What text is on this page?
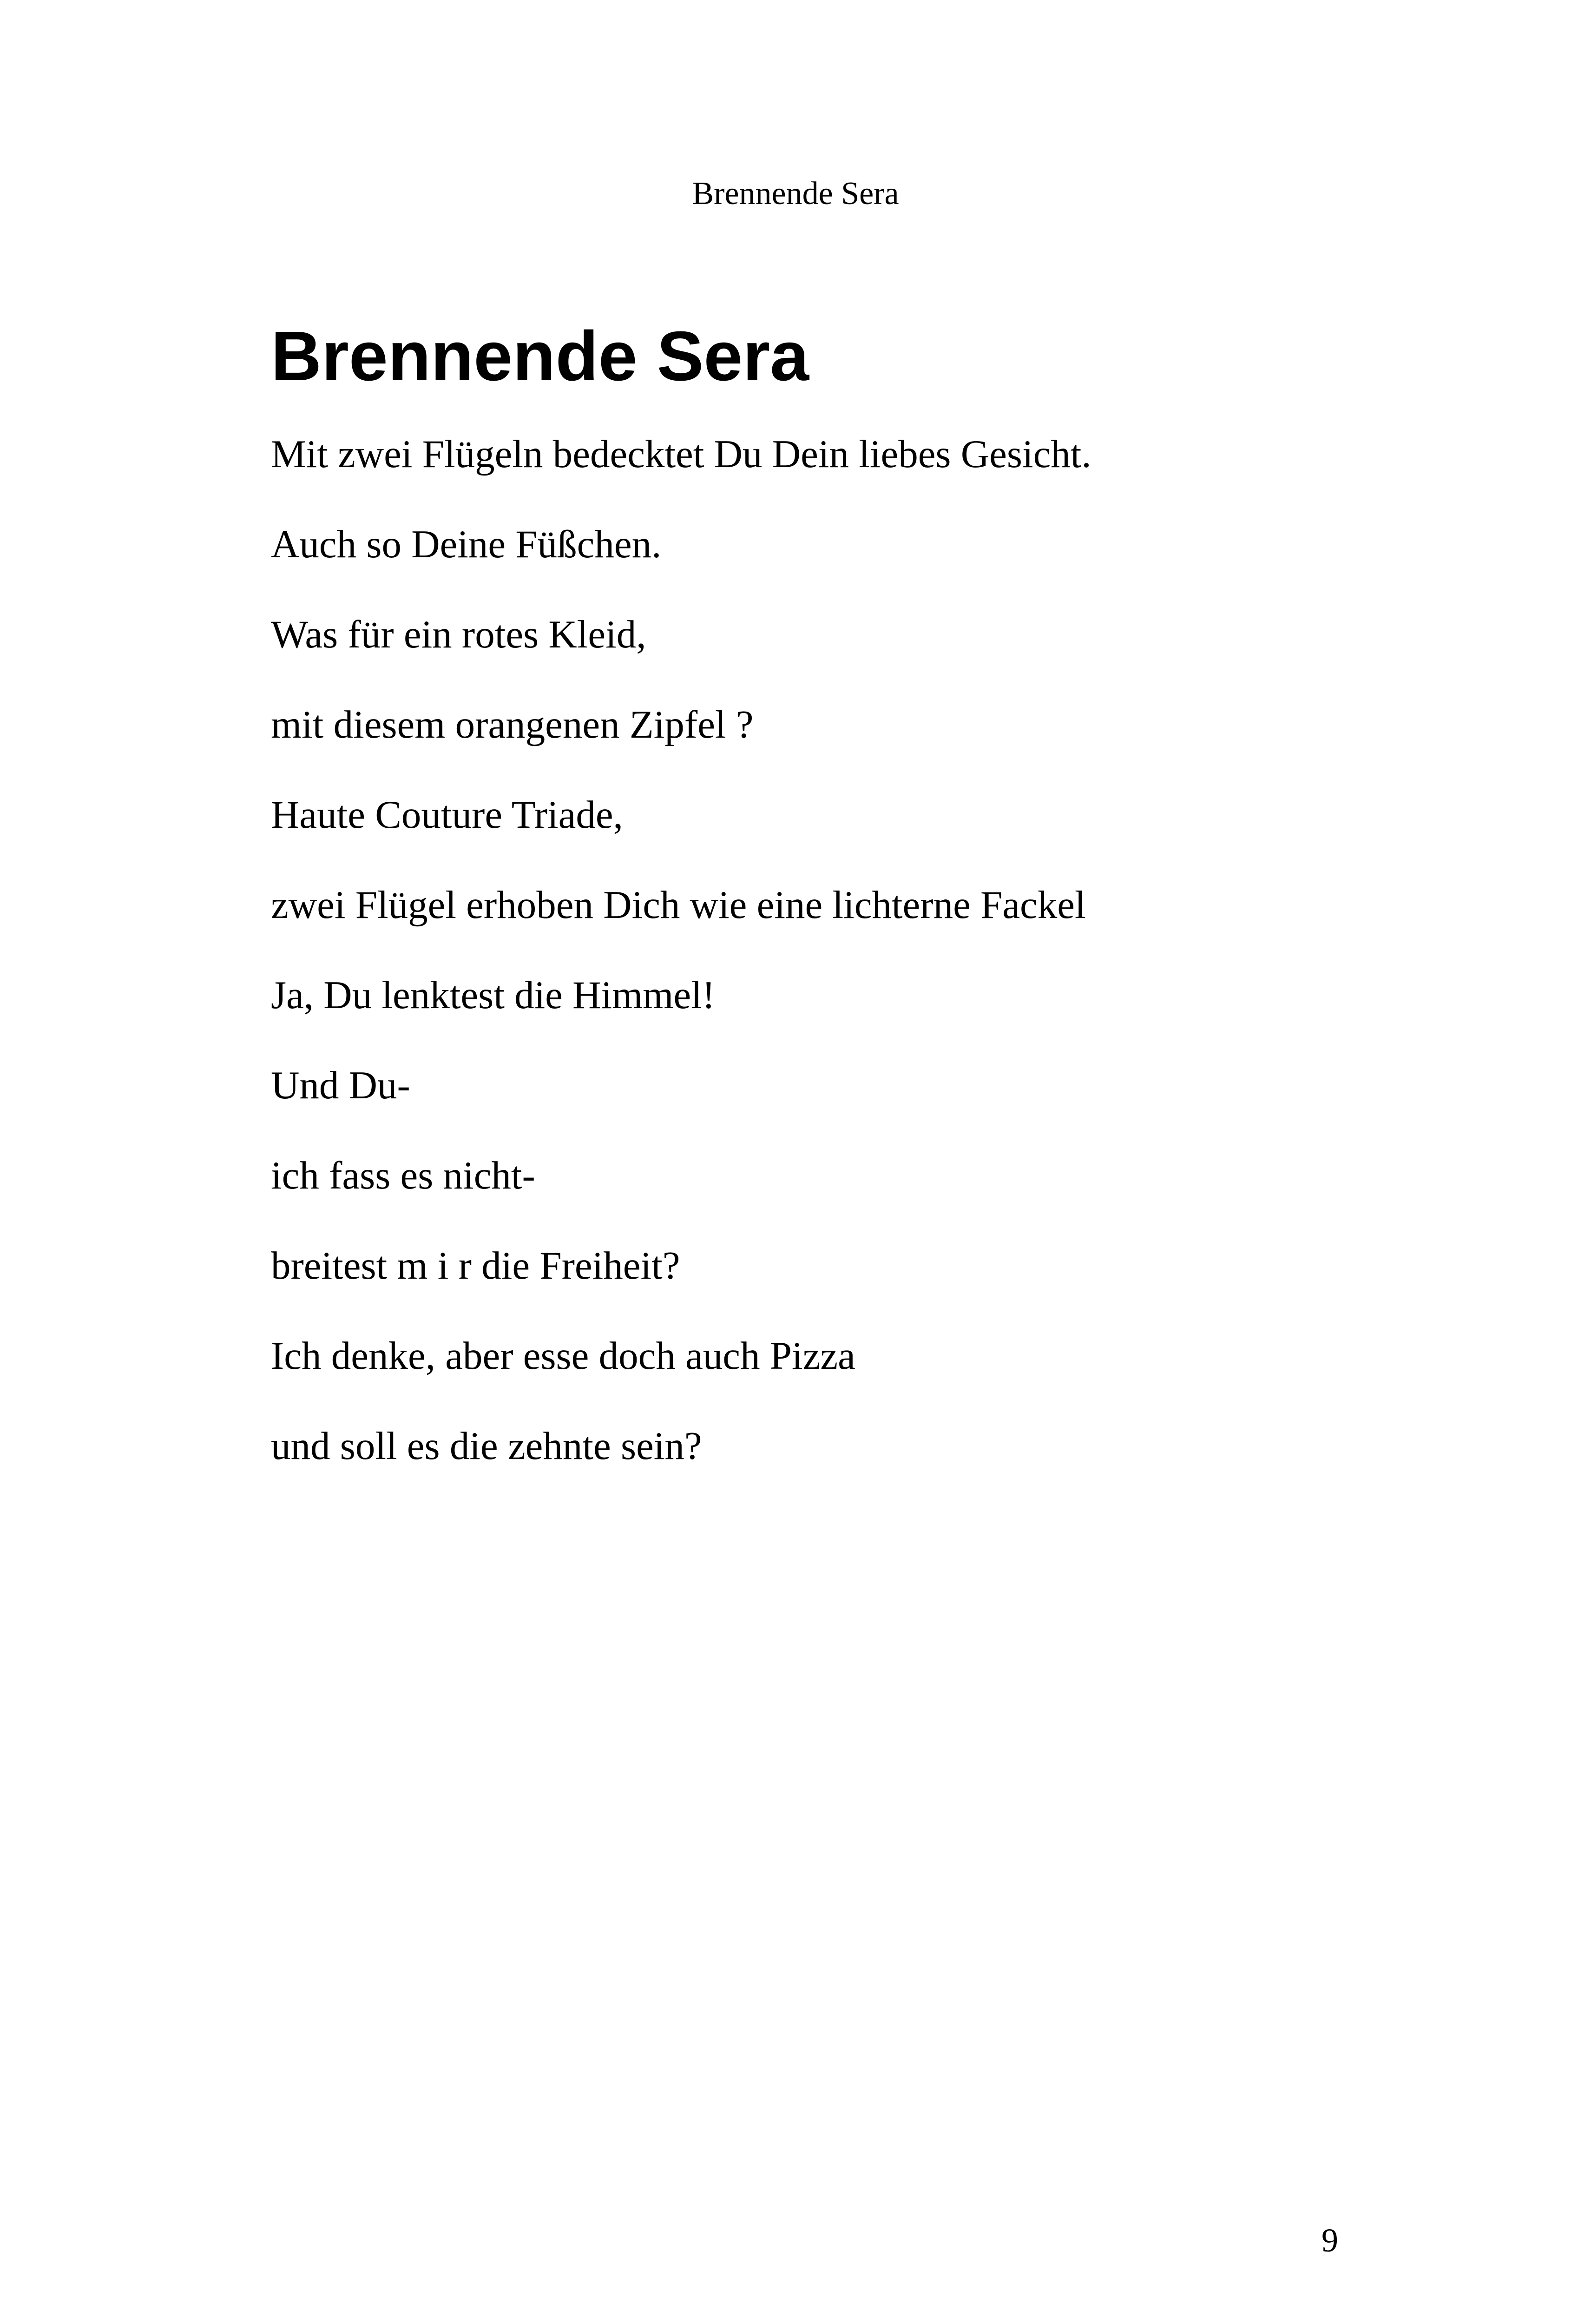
Brennende Sera
Brennende Sera
Mit zwei Flügeln bedecktet Du Dein liebes Gesicht.
Auch so Deine Füßchen.
Was für ein rotes Kleid,
mit diesem orangenen Zipfel ?
Haute Couture Triade,
zwei Flügel erhoben Dich wie eine lichterne Fackel
Ja, Du lenktest die Himmel!
Und Du-
ich fass es nicht-
breitest m i r die Freiheit?
Ich denke, aber esse doch auch Pizza
und soll es die zehnte sein?
9
